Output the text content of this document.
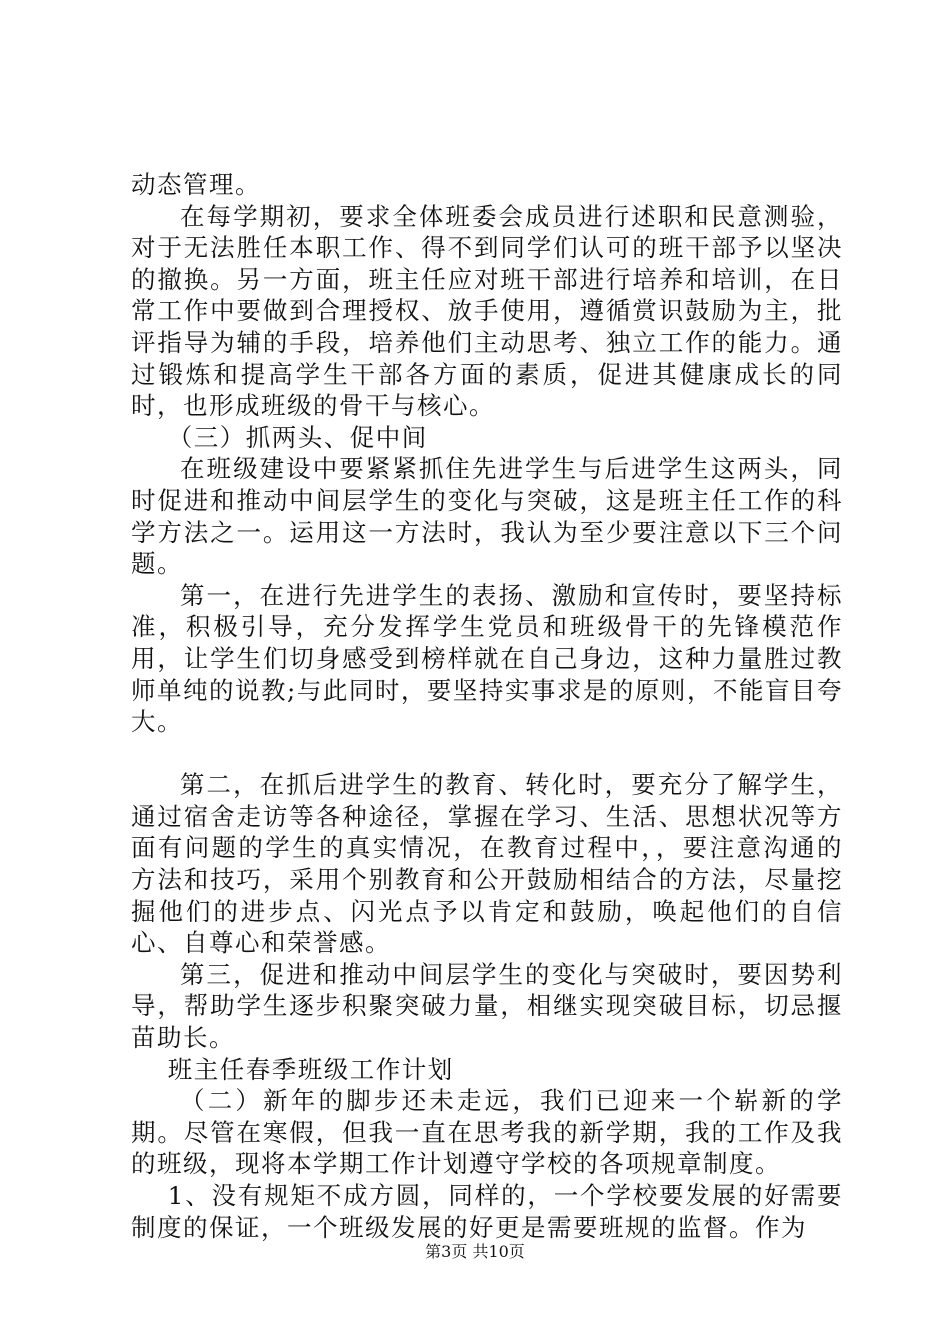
动态管理。

在每学期初，要求全体班委会成员进行述职和民意测验，对于无法胜任本职工作、得不到同学们认可的班干部予以坚决的撤换。另一方面，班主任应对班干部进行培养和培训，在日常工作中要做到合理授权、放手使用，遵循赏识鼓励为主，批评指导为辅的手段，培养他们主动思考、独立工作的能力。通过锻炼和提高学生干部各方面的素质，促进其健康成长的同时，也形成班级的骨干与核心。

（三）抓两头、促中间

在班级建设中要紧紧抓住先进学生与后进学生这两头，同时促进和推动中间层学生的变化与突破，这是班主任工作的科学方法之一。运用这一方法时，我认为至少要注意以下三个问题。

第一，在进行先进学生的表扬、激励和宣传时，要坚持标准，积极引导，充分发挥学生党员和班级骨干的先锋模范作用，让学生们切身感受到榜样就在自己身边，这种力量胜过教师单纯的说教;与此同时，要坚持实事求是的原则，不能盲目夸大。

第二，在抓后进学生的教育、转化时，要充分了解学生，通过宿舍走访等各种途径，掌握在学习、生活、思想状况等方面有问题的学生的真实情况，在教育过程中，，要注意沟通的方法和技巧，采用个别教育和公开鼓励相结合的方法，尽量挖掘他们的进步点、闪光点予以肯定和鼓励，唤起他们的自信心、自尊心和荣誉感。

第三，促进和推动中间层学生的变化与突破时，要因势利导，帮助学生逐步积聚突破力量，相继实现突破目标，切忌揠苗助长。

班主任春季班级工作计划

（二）新年的脚步还未走远，我们已迎来一个崭新的学期。尽管在寒假，但我一直在思考我的新学期，我的工作及我的班级，现将本学期工作计划遵守学校的各项规章制度。

1、没有规矩不成方圆，同样的，一个学校要发展的好需要制度的保证，一个班级发展的好更是需要班规的监督。作为

第3页 共10页
